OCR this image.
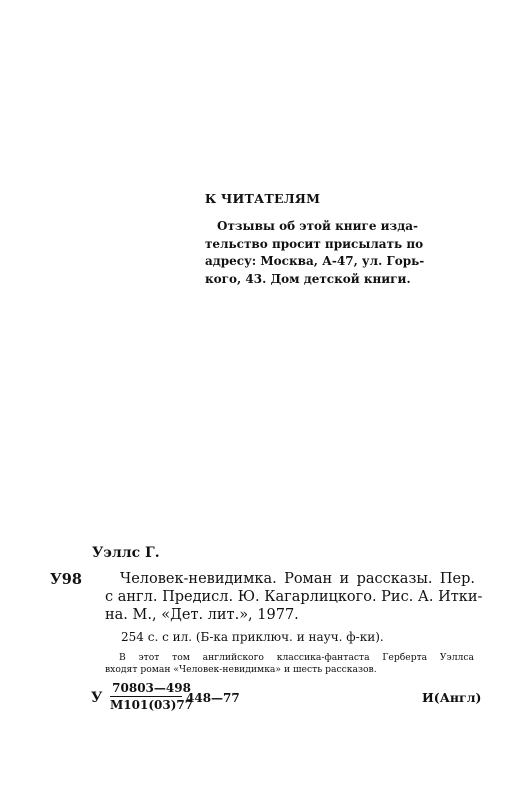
К ЧИТАТЕЛЯМ
Отзывы об этой книге изда-
тельство просит присылать по
адресу: Москва, А-47, ул. Горь-
кого, 43. Дом детской книги.
Уэллс Г.
У98	Человек-невидимка. Роман и рассказы. Пер.
с англ. Предисл. Ю. Кагарлицкого. Рис. А. Итки-
на. М., «Дет. лит.», 1977.
254 с. с ил. (Б-ка приключ. и науч. ф-ки).
В этот том английского классика-фантаста Герберта Уэллса
входят роман «Человек-невидимка» и шесть рассказов.
У
70803—498
М101(03)77
448—77	И(Англ)
